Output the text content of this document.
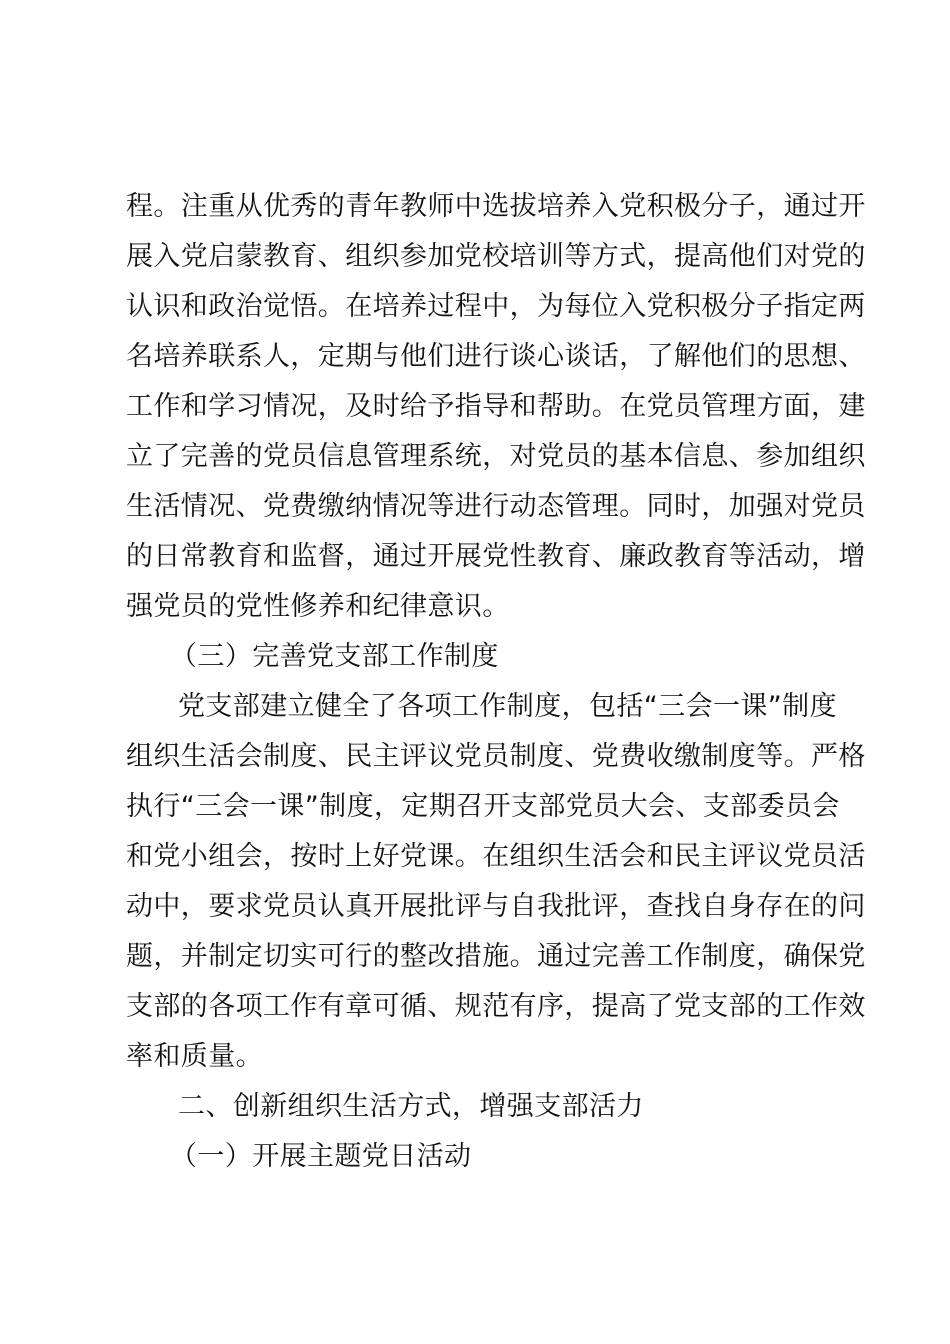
程。注重从优秀的青年教师中选拔培养入党积极分子，通过开
展入党启蒙教育、组织参加党校培训等方式，提高他们对党的
认识和政治觉悟。在培养过程中，为每位入党积极分子指定两
名培养联系人，定期与他们进行谈心谈话，了解他们的思想、
工作和学习情况，及时给予指导和帮助。在党员管理方面，建
立了完善的党员信息管理系统，对党员的基本信息、参加组织
生活情况、党费缴纳情况等进行动态管理。同时，加强对党员
的日常教育和监督，通过开展党性教育、廉政教育等活动，增
强党员的党性修养和纪律意识。
（三）完善党支部工作制度
党支部建立健全了各项工作制度，包括“三会一课”制度
组织生活会制度、民主评议党员制度、党费收缴制度等。严格
执行“三会一课”制度，定期召开支部党员大会、支部委员会
和党小组会，按时上好党课。在组织生活会和民主评议党员活
动中，要求党员认真开展批评与自我批评，查找自身存在的问
题，并制定切实可行的整改措施。通过完善工作制度，确保党
支部的各项工作有章可循、规范有序，提高了党支部的工作效
率和质量。
二、创新组织生活方式，增强支部活力
（一）开展主题党日活动
